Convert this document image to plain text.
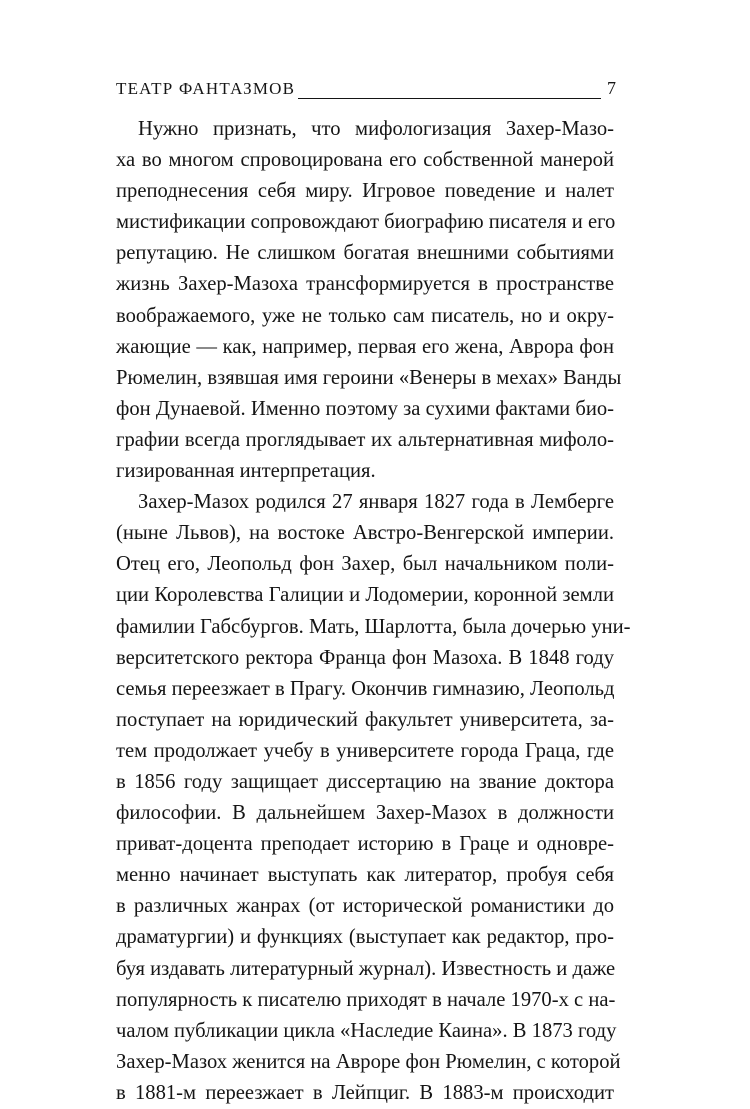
ТЕАТР ФАНТАЗМОВ	7
Нужно признать, что мифологизация Захер-Мазо-
ха во многом спровоцирована его собственной манерой
преподнесения себя миру. Игровое поведение и налет
мистификации сопровождают биографию писателя и его
репутацию. Не слишком богатая внешними событиями
жизнь Захер-Мазоха трансформируется в пространстве
воображаемого, уже не только сам писатель, но и окру-
жающие — как, например, первая его жена, Аврора фон
Рюмелин, взявшая имя героини «Венеры в мехах» Ванды
фон Дунаевой. Именно поэтому за сухими фактами био-
графии всегда проглядывает их альтернативная мифоло-
гизированная интерпретация.
Захер-Мазох родился 27 января 1827 года в Лемберге
(ныне Львов), на востоке Австро-Венгерской империи.
Отец его, Леопольд фон Захер, был начальником поли-
ции Королевства Галиции и Лодомерии, коронной земли
фамилии Габсбургов. Мать, Шарлотта, была дочерью уни-
верситетского ректора Франца фон Мазоха. В 1848 году
семья переезжает в Прагу. Окончив гимназию, Леопольд
поступает на юридический факультет университета, за-
тем продолжает учебу в университете города Граца, где
в 1856 году защищает диссертацию на звание доктора
философии. В дальнейшем Захер-Мазох в должности
приват-доцента преподает историю в Граце и одновре-
менно начинает выступать как литератор, пробуя себя
в различных жанрах (от исторической романистики до
драматургии) и функциях (выступает как редактор, про-
буя издавать литературный журнал). Известность и даже
популярность к писателю приходят в начале 1970-х с на-
чалом публикации цикла «Наследие Каина». В 1873 году
Захер-Мазох женится на Авроре фон Рюмелин, с которой
в 1881-м переезжает в Лейпциг. В 1883-м происходит
